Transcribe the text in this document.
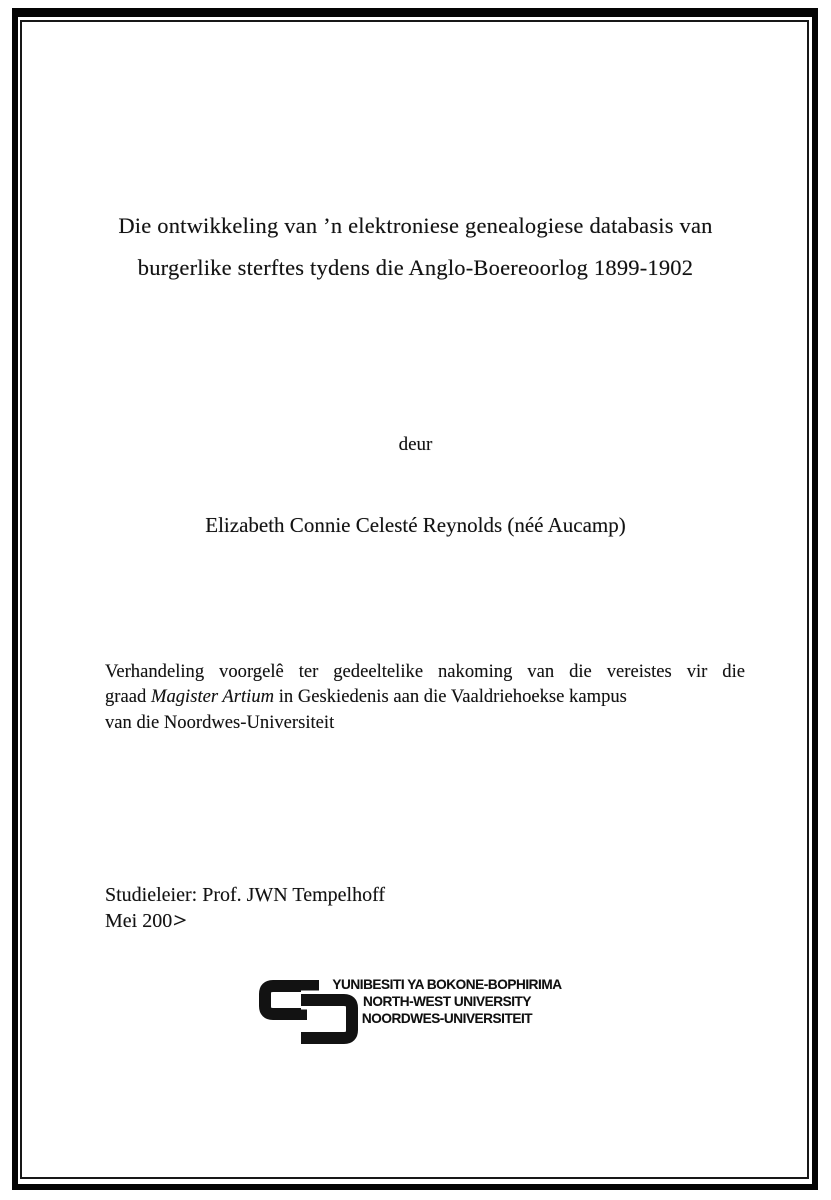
Die ontwikkeling van ’n elektroniese genealogiese databasis van
burgerlike sterftes tydens die Anglo-Boereoorlog 1899-1902
deur
Elizabeth Connie Celesté Reynolds (néé Aucamp)

Verhandeling voorgelê ter gedeeltelike nakoming van die vereistes vir die

graad Magister Artium in Geskiedenis aan die Vaaldriehoekse kampus

van die Noordwes-Universiteit

Studieleier: Prof. JWN Tempelhoff
Mei 200>
YUNIBESITI YA BOKONE-BOPHIRIMA
NORTH-WEST UNIVERSITY
NOORDWES-UNIVERSITEIT
